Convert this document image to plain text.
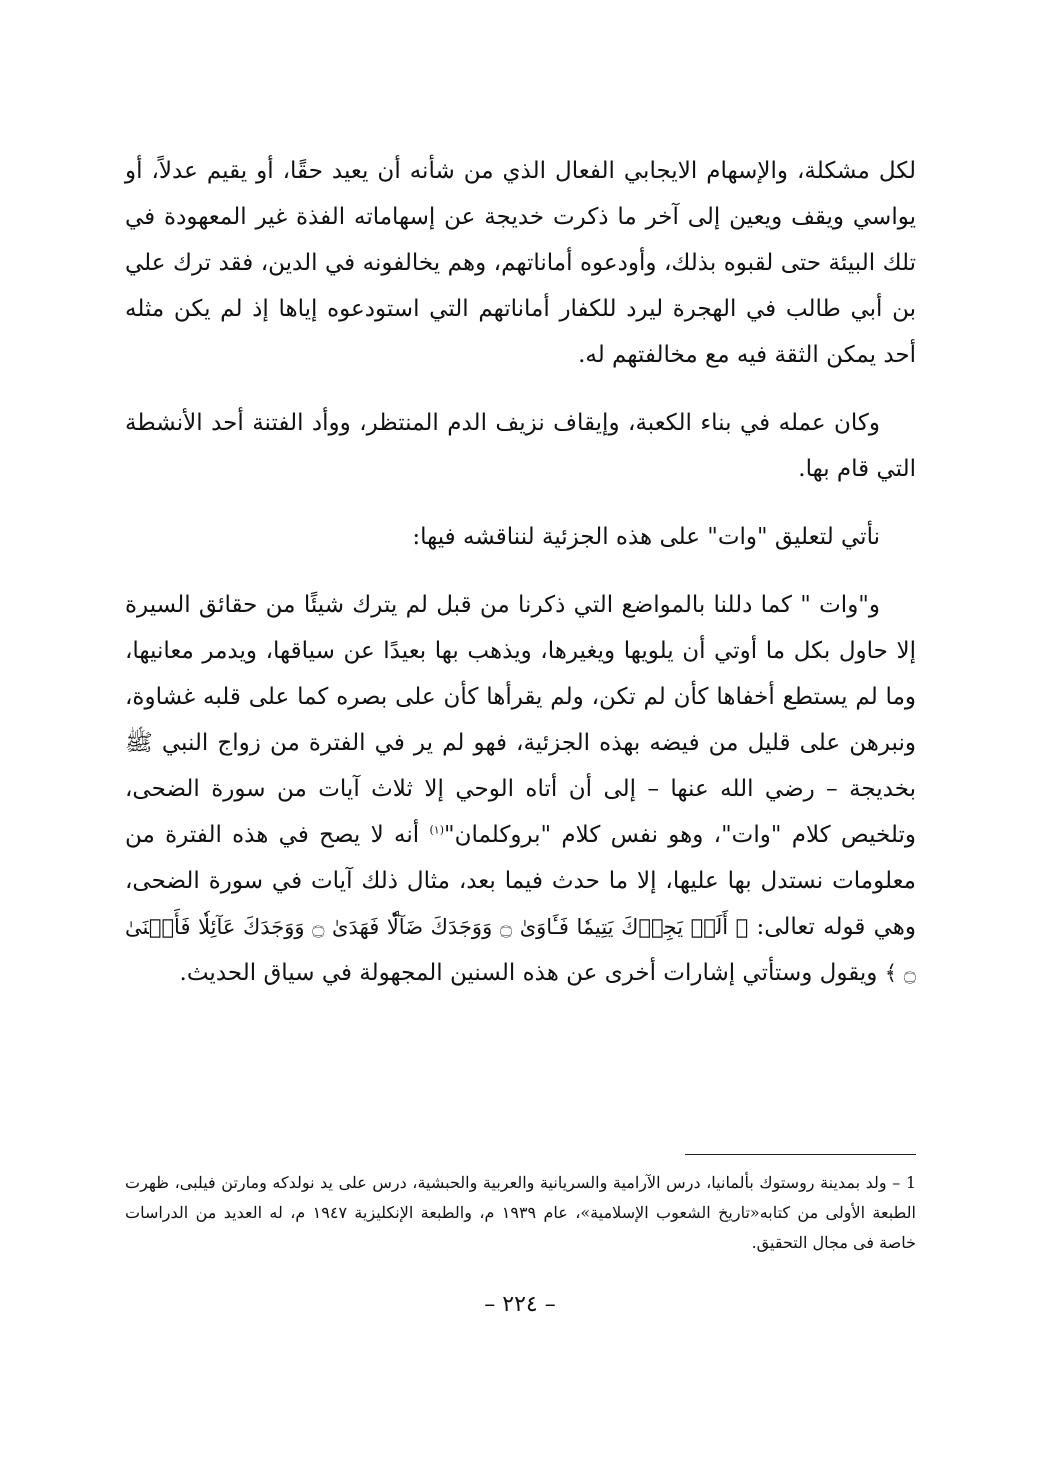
لكل مشكلة، والإسهام الايجابي الفعال الذي من شأنه أن يعيد حقًا، أو يقيم عدلاً، أو يواسي ويقف ويعين إلى آخر ما ذكرت خديجة عن إسهاماته الفذة غير المعهودة في تلك البيئة حتى لقبوه بذلك، وأودعوه أماناتهم، وهم يخالفونه في الدين، فقد ترك علي بن أبي طالب في الهجرة ليرد للكفار أماناتهم التي استودعوه إياها إذ لم يكن مثله أحد يمكن الثقة فيه مع مخالفتهم له.

وكان عمله في بناء الكعبة، وإيقاف نزيف الدم المنتظر، ووأد الفتنة أحد الأنشطة التي قام بها.

نأتي لتعليق "وات" على هذه الجزئية لنناقشه فيها:

و"وات " كما دللنا بالمواضع التي ذكرنا من قبل لم يترك شيئًا من حقائق السيرة إلا حاول بكل ما أوتي أن يلويها ويغيرها، ويذهب بها بعيدًا عن سياقها، ويدمر معانيها، وما لم يستطع أخفاها كأن لم تكن، ولم يقرأها كأن على بصره كما على قلبه غشاوة، ونبرهن على قليل من فيضه بهذه الجزئية، فهو لم ير في الفترة من زواج النبي ﷺ بخديجة – رضي الله عنها – إلى أن أتاه الوحي إلا ثلاث آيات من سورة الضحى، وتلخيص كلام "وات"، وهو نفس كلام "بروكلمان"$^{(١)}$ أنه لا يصح في هذه الفترة من معلومات نستدل بها عليها، إلا ما حدث فيما بعد، مثال ذلك آيات في سورة الضحى، وهي قوله تعالى: ﴿ أَلَمۡ يَجِدۡكَ يَتِيمٗا فَـَٔاوَىٰ ۝ وَوَجَدَكَ ضَآلّٗا فَهَدَىٰ ۝ وَوَجَدَكَ عَآئِلٗا فَأَغۡنَىٰ ۝ ﴾ ويقول وستأتي إشارات أخرى عن هذه السنين المجهولة في سياق الحديث.

1 – ولد بمدينة روستوك بألمانيا، درس الآرامية والسريانية والعربية والحبشية، درس على يد نولدكه ومارتن فيلبى، ظهرت الطبعة الأولى من كتابه«تاريخ الشعوب الإسلامية»، عام ١٩٣٩ م، والطبعة الإنكليزية ١٩٤٧ م، له العديد من الدراسات خاصة فى مجال التحقيق.

– ٢٢٤ –
